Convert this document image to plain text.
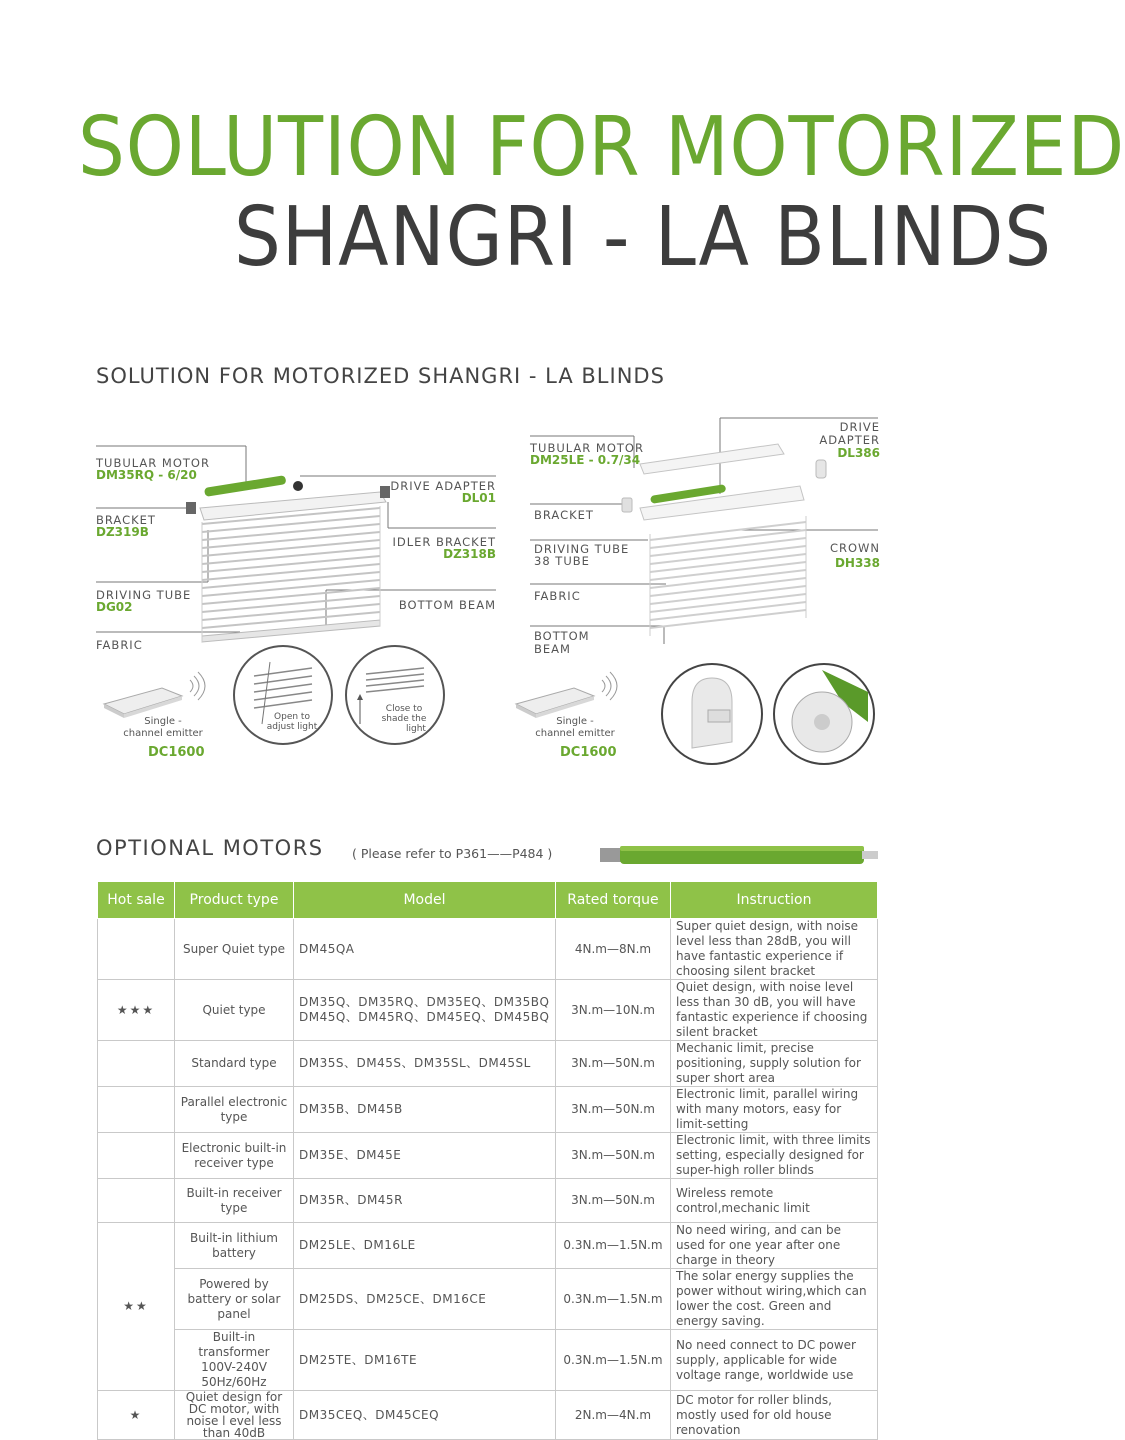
SOLUTION FOR MOTORIZED
SHANGRI - LA BLINDS
SOLUTION FOR MOTORIZED SHANGRI - LA BLINDS
TUBULAR MOTOR
DM35RQ - 6/20
BRACKET
DZ319B
DRIVING TUBE
DG02
FABRIC
DRIVE ADAPTER
DL01
IDLER BRACKET
DZ318B
BOTTOM BEAM
Single -
channel emitter
DC1600
Open to
adjust light
Close to
shade the
light
TUBULAR MOTOR
DM25LE - 0.7/34
BRACKET
DRIVING TUBE
38 TUBE
FABRIC
BOTTOM
BEAM
DRIVE
ADAPTER
DL386
CROWN
DH338
Single -
channel emitter
DC1600
OPTIONAL MOTORS ( Please refer to P361——P484 )
Hot sale	Product type	Model	Rated torque	Instruction
	Super Quiet type	DM45QA	4N.m—8N.m	Super quiet design, with noise level less than 28dB, you will have fantastic experience if choosing silent bracket
★★★	Quiet type	DM35Q、DM35RQ、DM35EQ、DM35BQ DM45Q、DM45RQ、DM45EQ、DM45BQ	3N.m—10N.m	Quiet design, with noise level less than 30 dB, you will have fantastic experience if choosing silent bracket
	Standard type	DM35S、DM45S、DM35SL、DM45SL	3N.m—50N.m	Mechanic limit, precise positioning, supply solution for super short area
	Parallel electronic type	DM35B、DM45B	3N.m—50N.m	Electronic limit, parallel wiring with many motors, easy for limit-setting
	Electronic built-in receiver type	DM35E、DM45E	3N.m—50N.m	Electronic limit, with three limits setting, especially designed for super-high roller blinds
	Built-in receiver type	DM35R、DM45R	3N.m—50N.m	Wireless remote control,mechanic limit
★★	Built-in lithium battery	DM25LE、DM16LE	0.3N.m—1.5N.m	No need wiring, and can be used for one year after one charge in theory
	Powered by battery or solar panel	DM25DS、DM25CE、DM16CE	0.3N.m—1.5N.m	The solar energy supplies the power without wiring,which can lower the cost. Green and energy saving.
	Built-in transformer 100V-240V 50Hz/60Hz	DM25TE、DM16TE	0.3N.m—1.5N.m	No need connect to DC power supply, applicable for wide voltage range, worldwide use
★	Quiet design for DC motor, with noise l evel less than 40dB	DM35CEQ、DM45CEQ	2N.m—4N.m	DC motor for roller blinds, mostly used for old house renovation
